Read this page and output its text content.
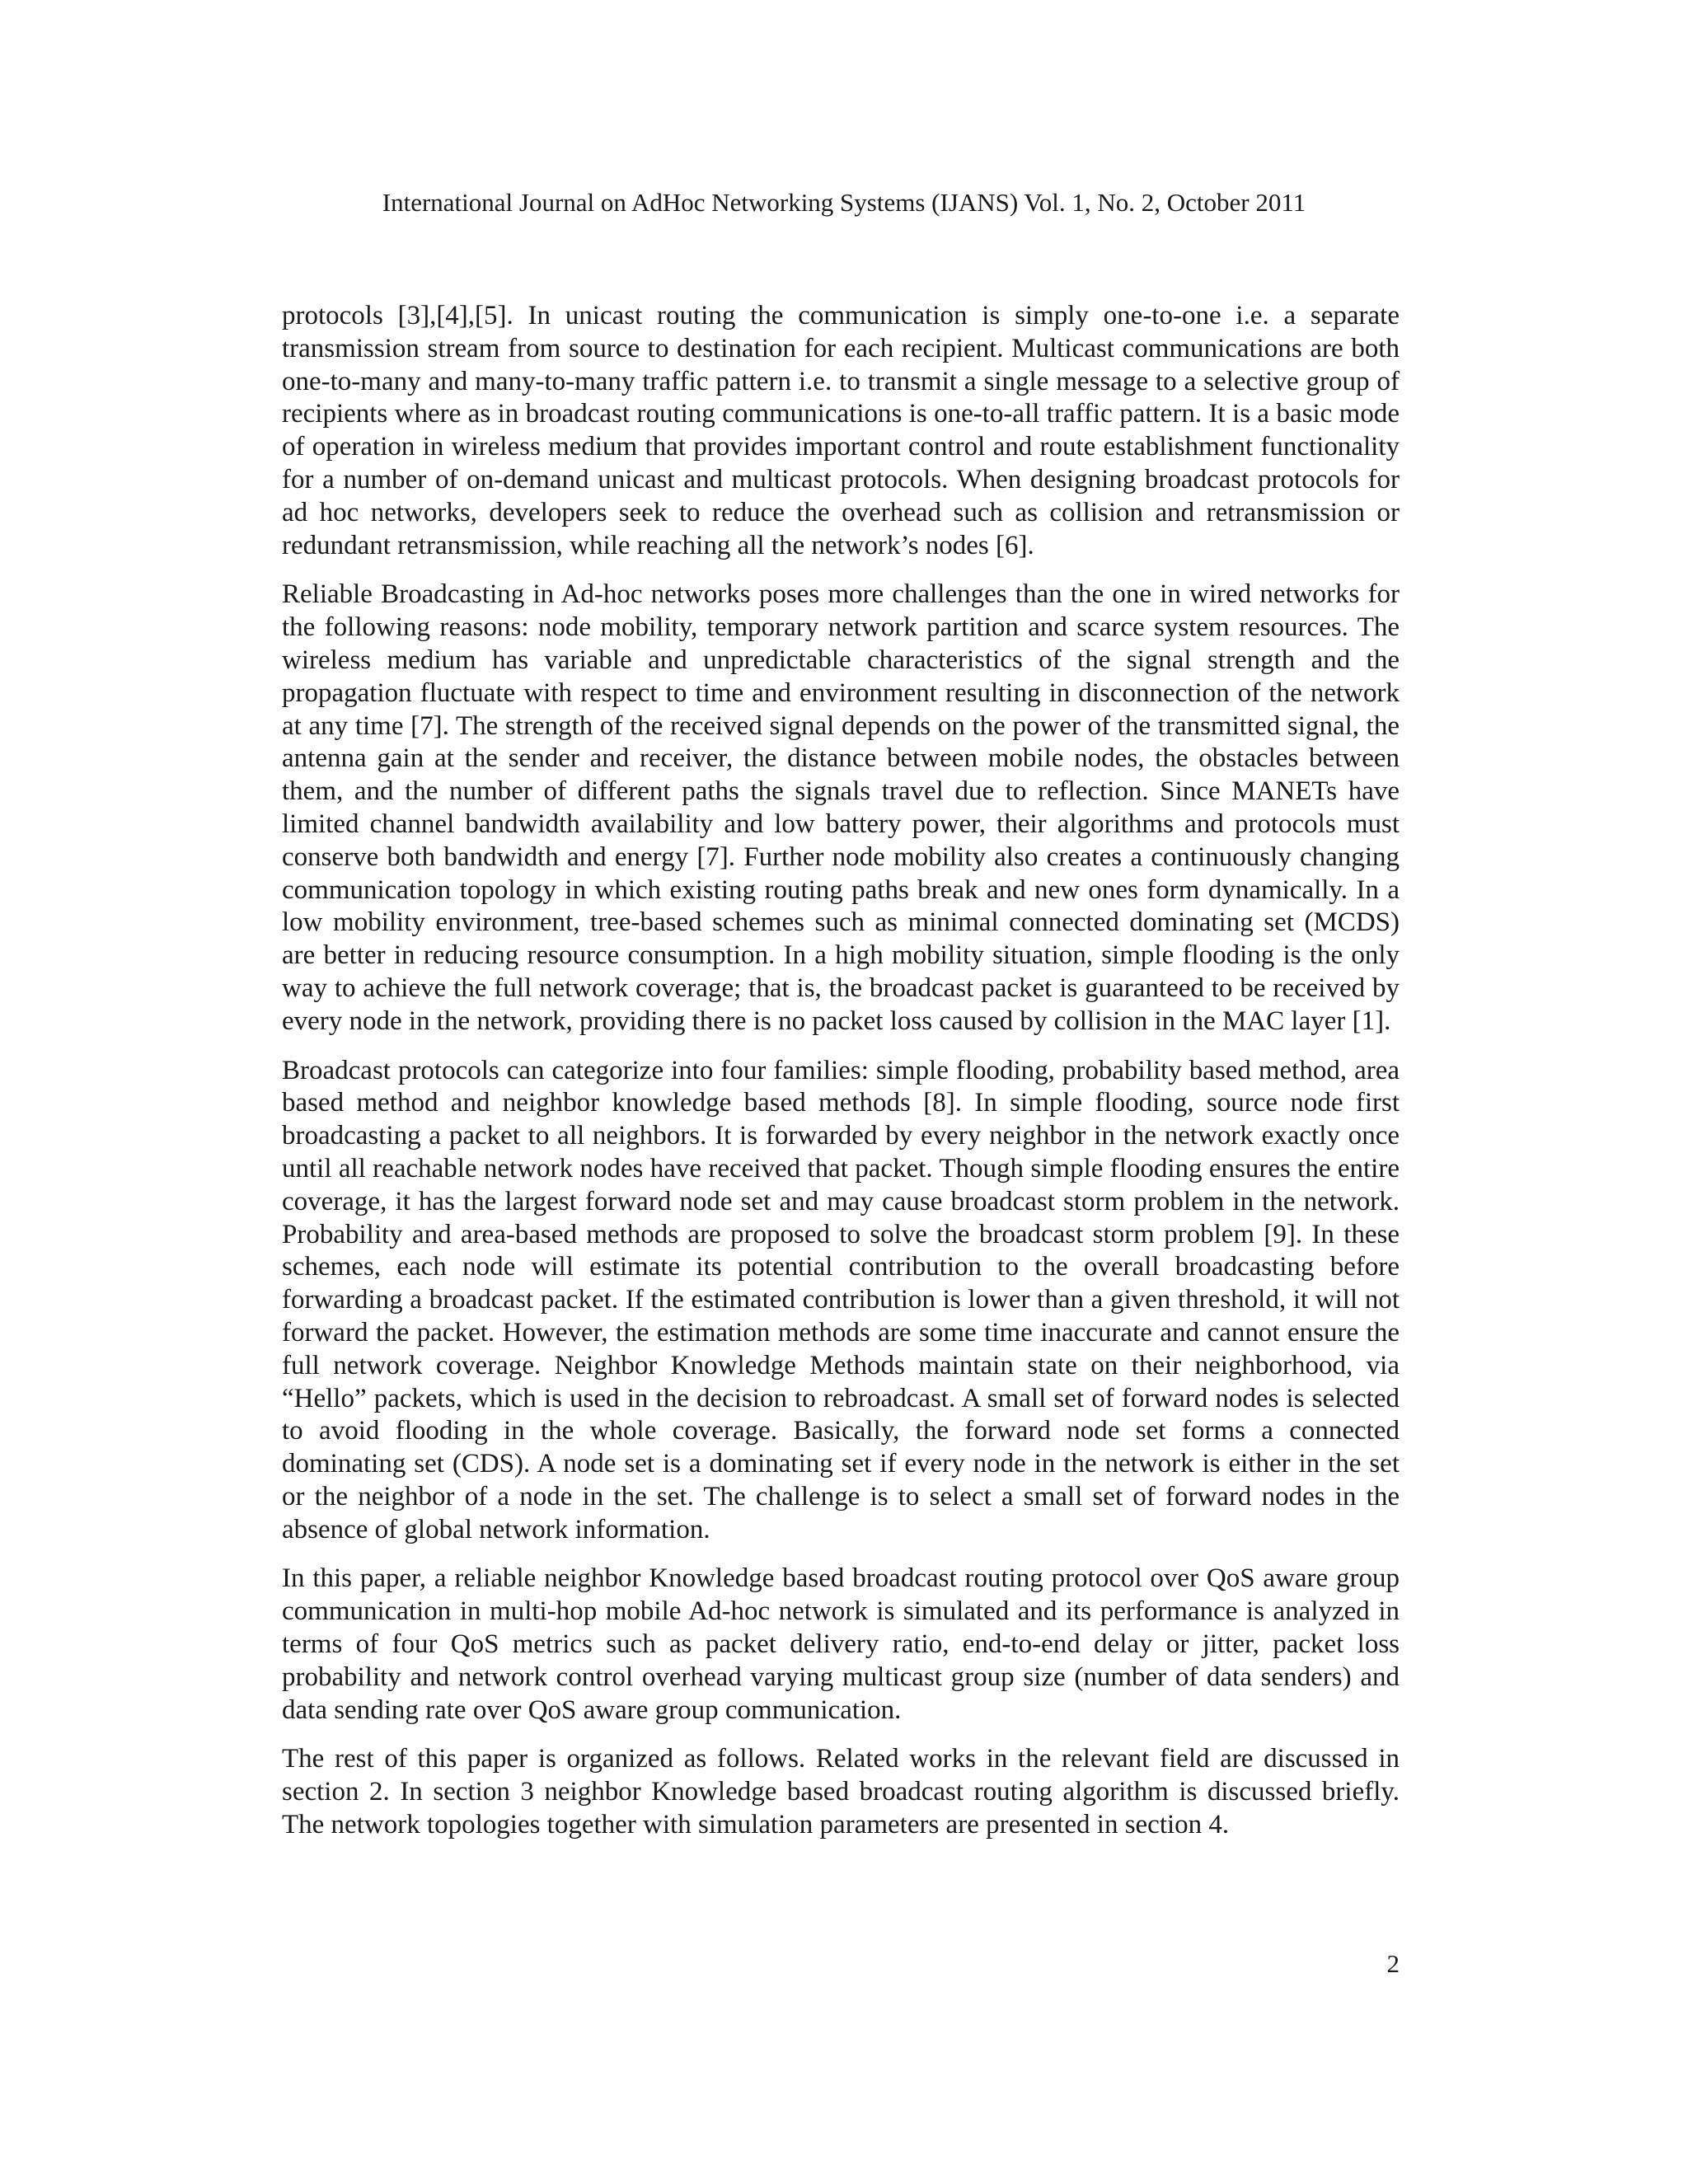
International Journal on AdHoc Networking Systems (IJANS) Vol. 1, No. 2, October 2011

protocols [3],[4],[5]. In unicast routing the communication is simply one-to-one i.e. a separate transmission stream from source to destination for each recipient. Multicast communications are both one-to-many and many-to-many traffic pattern i.e. to transmit a single message to a selective group of recipients where as in broadcast routing communications is one-to-all traffic pattern. It is a basic mode of operation in wireless medium that provides important control and route establishment functionality for a number of on-demand unicast and multicast protocols. When designing broadcast protocols for ad hoc networks, developers seek to reduce the overhead such as collision and retransmission or redundant retransmission, while reaching all the network’s nodes [6].

Reliable Broadcasting in Ad-hoc networks poses more challenges than the one in wired networks for the following reasons: node mobility, temporary network partition and scarce system resources. The wireless medium has variable and unpredictable characteristics of the signal strength and the propagation fluctuate with respect to time and environment resulting in disconnection of the network at any time [7]. The strength of the received signal depends on the power of the transmitted signal, the antenna gain at the sender and receiver, the distance between mobile nodes, the obstacles between them, and the number of different paths the signals travel due to reflection. Since MANETs have limited channel bandwidth availability and low battery power, their algorithms and protocols must conserve both bandwidth and energy [7]. Further node mobility also creates a continuously changing communication topology in which existing routing paths break and new ones form dynamically. In a low mobility environment, tree-based schemes such as minimal connected dominating set (MCDS) are better in reducing resource consumption. In a high mobility situation, simple flooding is the only way to achieve the full network coverage; that is, the broadcast packet is guaranteed to be received by every node in the network, providing there is no packet loss caused by collision in the MAC layer [1].

Broadcast protocols can categorize into four families: simple flooding, probability based method, area based method and neighbor knowledge based methods [8]. In simple flooding, source node first broadcasting a packet to all neighbors. It is forwarded by every neighbor in the network exactly once until all reachable network nodes have received that packet. Though simple flooding ensures the entire coverage, it has the largest forward node set and may cause broadcast storm problem in the network. Probability and area-based methods are proposed to solve the broadcast storm problem [9]. In these schemes, each node will estimate its potential contribution to the overall broadcasting before forwarding a broadcast packet. If the estimated contribution is lower than a given threshold, it will not forward the packet. However, the estimation methods are some time inaccurate and cannot ensure the full network coverage. Neighbor Knowledge Methods maintain state on their neighborhood, via “Hello” packets, which is used in the decision to rebroadcast. A small set of forward nodes is selected to avoid flooding in the whole coverage. Basically, the forward node set forms a connected dominating set (CDS). A node set is a dominating set if every node in the network is either in the set or the neighbor of a node in the set. The challenge is to select a small set of forward nodes in the absence of global network information.

In this paper, a reliable neighbor Knowledge based broadcast routing protocol over QoS aware group communication in multi-hop mobile Ad-hoc network is simulated and its performance is analyzed in terms of four QoS metrics such as packet delivery ratio, end-to-end delay or jitter, packet loss probability and network control overhead varying multicast group size (number of data senders) and data sending rate over QoS aware group communication.

The rest of this paper is organized as follows. Related works in the relevant field are discussed in section 2. In section 3 neighbor Knowledge based broadcast routing algorithm is discussed briefly. The network topologies together with simulation parameters are presented in section 4.

2
